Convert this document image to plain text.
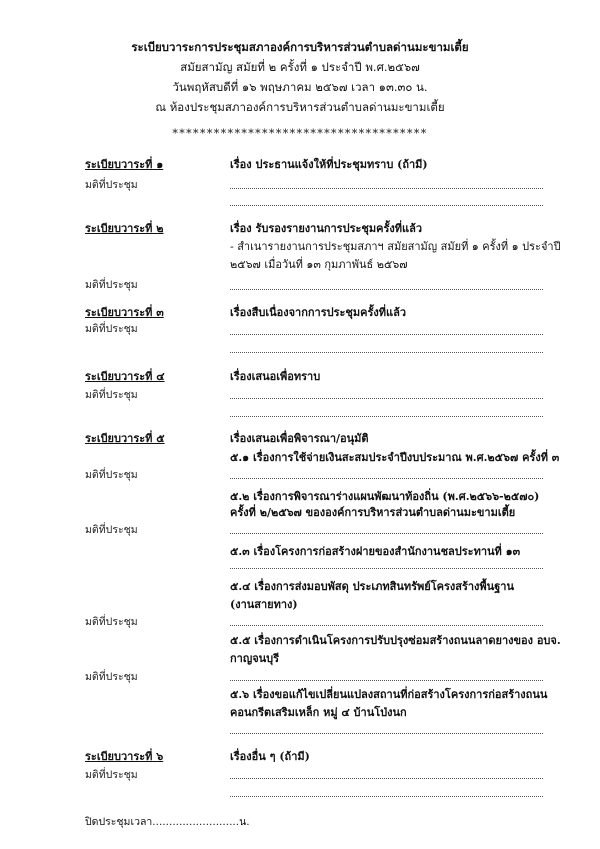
ระเบียบวาระการประชุมสภาองค์การบริหารส่วนตำบลด่านมะขามเตี้ย
สมัยสามัญ สมัยที่ ๒ ครั้งที่ ๑ ประจำปี พ.ศ.๒๕๖๗
วันพฤหัสบดีที่ ๑๖ พฤษภาคม ๒๕๖๗ เวลา ๑๓.๓๐ น.
ณ ห้องประชุมสภาองค์การบริหารส่วนตำบลด่านมะขามเตี้ย
*************************************
ระเบียบวาระที่ ๑	เรื่อง ประธานแจ้งให้ที่ประชุมทราบ (ถ้ามี)
มติที่ประชุม
ระเบียบวาระที่ ๒	เรื่อง รับรองรายงานการประชุมครั้งที่แล้ว
- สำเนารายงานการประชุมสภาฯ สมัยสามัญ สมัยที่ ๑ ครั้งที่ ๑ ประจำปี
๒๕๖๗ เมื่อวันที่ ๑๓ กุมภาพันธ์ ๒๕๖๗
มติที่ประชุม
ระเบียบวาระที่ ๓	เรื่องสืบเนื่องจากการประชุมครั้งที่แล้ว
มติที่ประชุม
ระเบียบวาระที่ ๔	เรื่องเสนอเพื่อทราบ
มติที่ประชุม
ระเบียบวาระที่ ๕	เรื่องเสนอเพื่อพิจารณา/อนุมัติ
๕.๑ เรื่องการใช้จ่ายเงินสะสมประจำปีงบประมาณ พ.ศ.๒๕๖๗ ครั้งที่ ๓
มติที่ประชุม
๕.๒ เรื่องการพิจารณาร่างแผนพัฒนาท้องถิ่น (พ.ศ.๒๕๖๖-๒๕๗๐)
ครั้งที่ ๒/๒๕๖๗ ขององค์การบริหารส่วนตำบลด่านมะขามเตี้ย
มติที่ประชุม
๕.๓ เรื่องโครงการก่อสร้างฝายของสำนักงานชลประทานที่ ๑๓
๕.๔ เรื่องการส่งมอบพัสดุ ประเภทสินทรัพย์โครงสร้างพื้นฐาน
(งานสายทาง)
มติที่ประชุม
๕.๕ เรื่องการดำเนินโครงการปรับปรุงซ่อมสร้างถนนลาดยางของ อบจ.
กาญจนบุรี
มติที่ประชุม
๕.๖ เรื่องขอแก้ไขเปลี่ยนแปลงสถานที่ก่อสร้างโครงการก่อสร้างถนน
คอนกรีตเสริมเหล็ก หมู่ ๔ บ้านโป่งนก
ระเบียบวาระที่ ๖	เรื่องอื่น ๆ (ถ้ามี)
มติที่ประชุม
ปิดประชุมเวลา..........................น.
